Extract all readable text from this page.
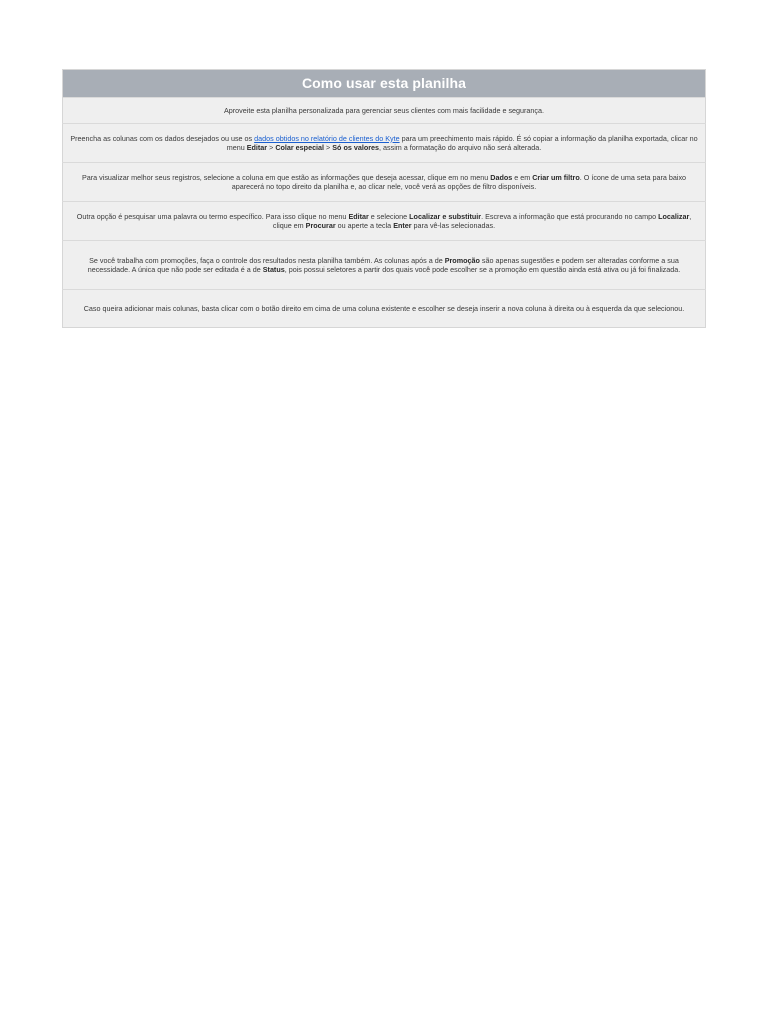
Como usar esta planilha

Aproveite esta planilha personalizada para gerenciar seus clientes com mais facilidade e segurança.

Preencha as colunas com os dados desejados ou use os dados obtidos no relatório de clientes do Kyte para um preechimento mais rápido. É só copiar a informação da planilha exportada, clicar no menu Editar > Colar especial > Só os valores, assim a formatação do arquivo não será alterada.
Para visualizar melhor seus registros, selecione a coluna em que estão as informações que deseja acessar, clique em no menu Dados e em Criar um filtro. O ícone de uma seta para baixo aparecerá no topo direito da planilha e, ao clicar nele, você verá as opções de filtro disponíveis.
Outra opção é pesquisar uma palavra ou termo específico. Para isso clique no menu Editar e selecione Localizar e substituir. Escreva a informação que está procurando no campo Localizar, clique em Procurar ou aperte a tecla Enter para vê-las selecionadas.
Se você trabalha com promoções, faça o controle dos resultados nesta planilha também. As colunas após a de Promoção são apenas sugestões e podem ser alteradas conforme a sua necessidade. A única que não pode ser editada é a de Status, pois possui seletores a partir dos quais você pode escolher se a promoção em questão ainda está ativa ou já foi finalizada.
Caso queira adicionar mais colunas, basta clicar com o botão direito em cima de uma coluna existente e escolher se deseja inserir a nova coluna à direita ou à esquerda da que selecionou.
